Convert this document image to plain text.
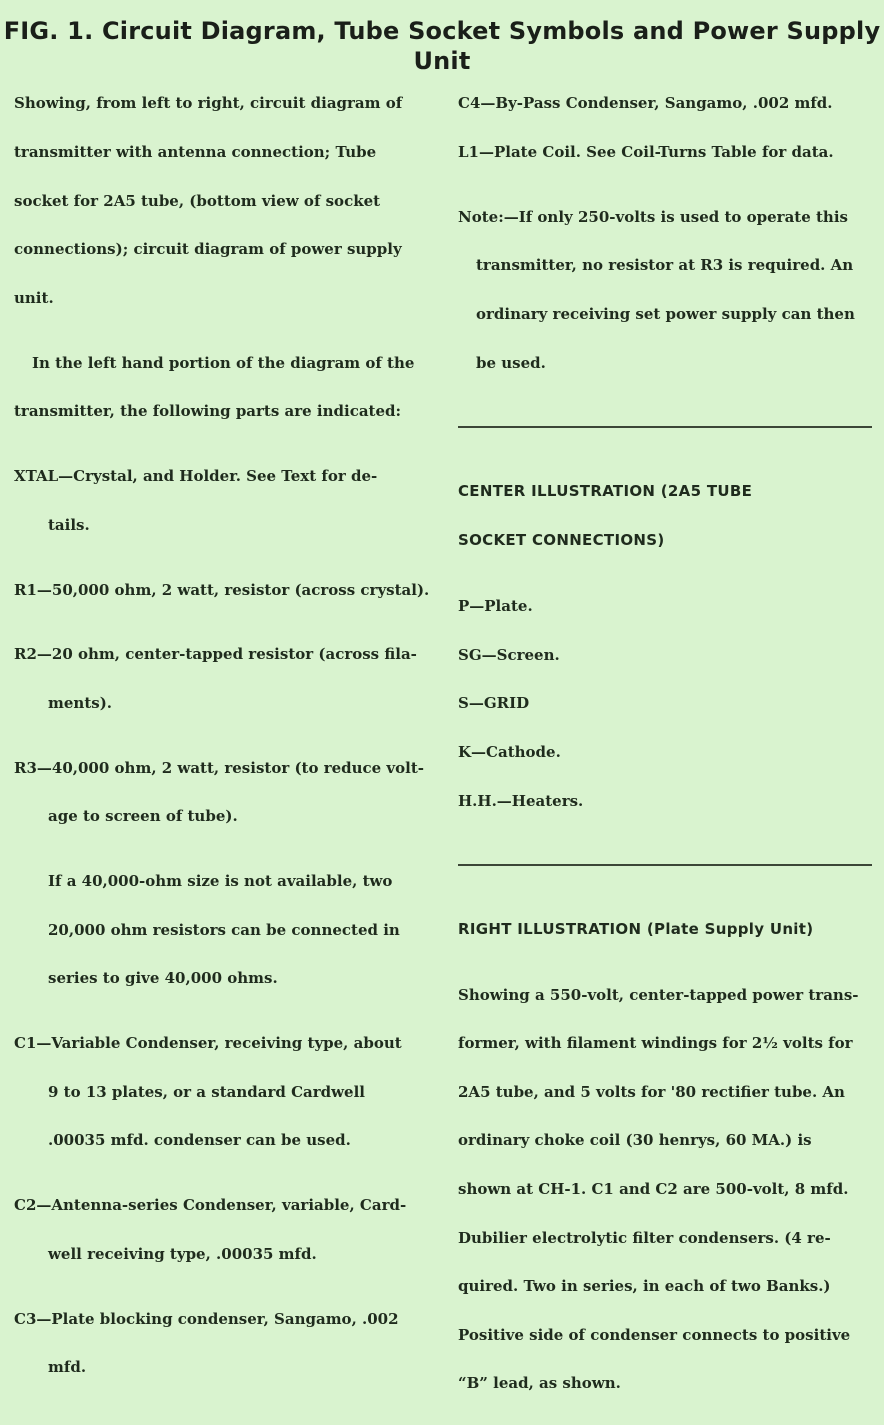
FIG. 1. Circuit Diagram, Tube Socket Symbols and Power Supply Unit

Showing, from left to right, circuit diagram of

transmitter with antenna connection; Tube

socket for 2A5 tube, (bottom view of socket

connections); circuit diagram of power supply

unit.

In the left hand portion of the diagram of the

transmitter, the following parts are indicated:

XTAL—Crystal, and Holder. See Text for de-

tails.

R1—50,000 ohm, 2 watt, resistor (across crystal).

R2—20 ohm, center-tapped resistor (across fila-

ments).

R3—40,000 ohm, 2 watt, resistor (to reduce volt-

age to screen of tube).

If a 40,000-ohm size is not available, two

20,000 ohm resistors can be connected in

series to give 40,000 ohms.

C1—Variable Condenser, receiving type, about

9 to 13 plates, or a standard Cardwell

.00035 mfd. condenser can be used.

C2—Antenna-series Condenser, variable, Card-

well receiving type, .00035 mfd.

C3—Plate blocking condenser, Sangamo, .002

mfd.

C4—By-Pass Condenser, Sangamo, .002 mfd.

L1—Plate Coil. See Coil-Turns Table for data.

Note:—If only 250-volts is used to operate this

transmitter, no resistor at R3 is required. An

ordinary receiving set power supply can then

be used.

CENTER ILLUSTRATION (2A5 TUBE

SOCKET CONNECTIONS)

P—Plate.

SG—Screen.

S—GRID

K—Cathode.

H.H.—Heaters.

RIGHT ILLUSTRATION (Plate Supply Unit)

Showing a 550-volt, center-tapped power trans-

former, with filament windings for 2½ volts for

2A5 tube, and 5 volts for '80 rectifier tube. An

ordinary choke coil (30 henrys, 60 MA.) is

shown at CH-1. C1 and C2 are 500-volt, 8 mfd.

Dubilier electrolytic filter condensers. (4 re-

quired. Two in series, in each of two Banks.)

Positive side of condenser connects to positive

“B” lead, as shown.
